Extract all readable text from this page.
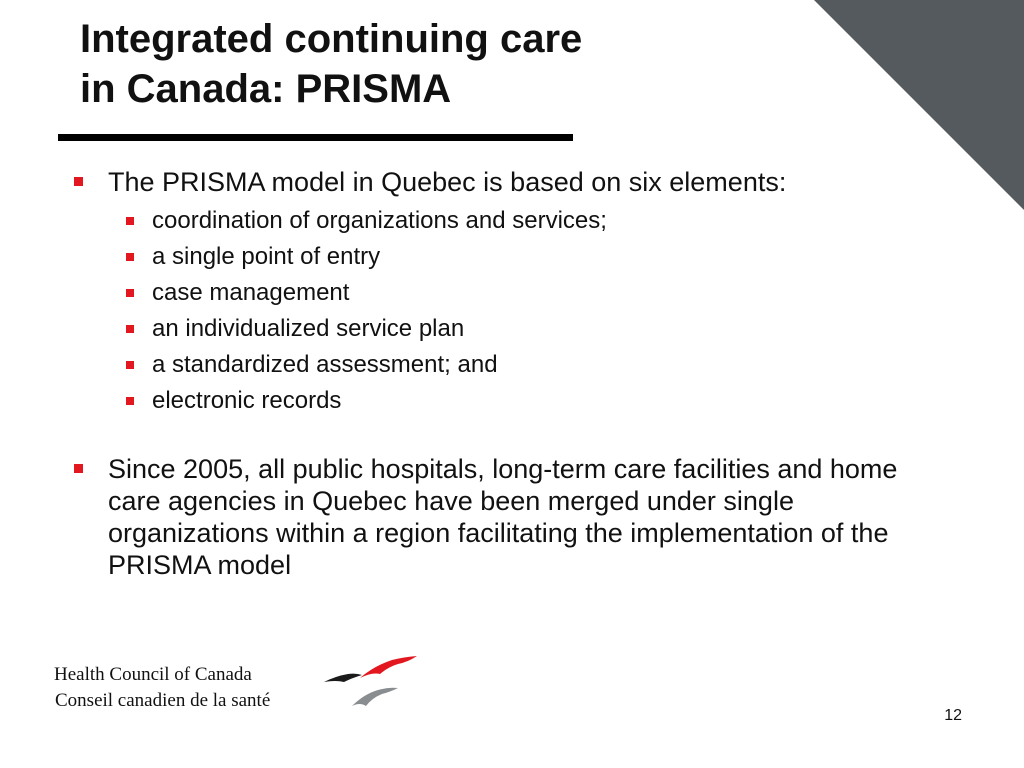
Integrated continuing care
in Canada: PRISMA
The PRISMA model in Quebec is based on six elements:
coordination of organizations and services;
a single point of entry
case management
an individualized service plan
a standardized assessment; and
electronic records
Since 2005, all public hospitals, long-term care facilities and home care agencies in Quebec have been merged under single organizations within a region facilitating the implementation of the PRISMA model
Health Council of Canada
Conseil canadien de la santé
12
